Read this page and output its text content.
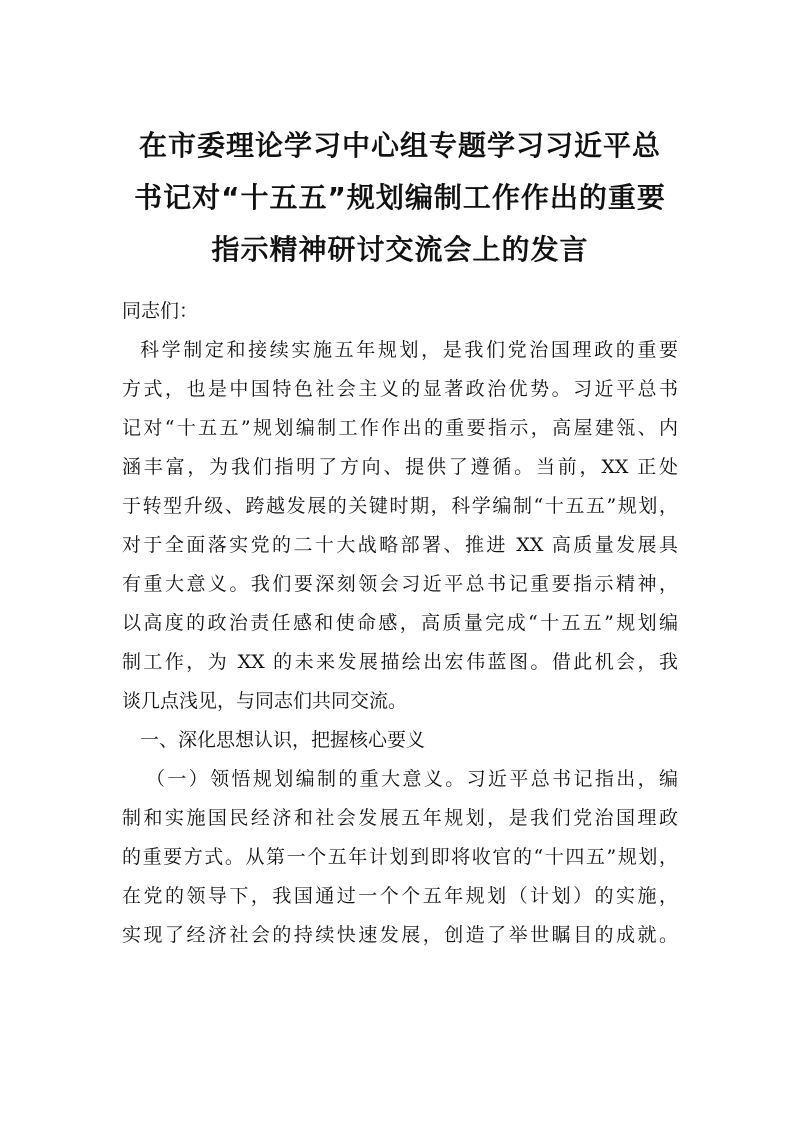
在市委理论学习中心组专题学习习近平总
书记对“十五五”规划编制工作作出的重要
指示精神研讨交流会上的发言
同志们：
科学制定和接续实施五年规划，是我们党治国理政的重要
方式，也是中国特色社会主义的显著政治优势。习近平总书
记对“十五五”规划编制工作作出的重要指示，高屋建瓴、内
涵丰富，为我们指明了方向、提供了遵循。当前，XX 正处
于转型升级、跨越发展的关键时期，科学编制“十五五”规划，
对于全面落实党的二十大战略部署、推进 XX 高质量发展具
有重大意义。我们要深刻领会习近平总书记重要指示精神，
以高度的政治责任感和使命感，高质量完成“十五五”规划编
制工作，为 XX 的未来发展描绘出宏伟蓝图。借此机会，我
谈几点浅见，与同志们共同交流。
一、深化思想认识，把握核心要义
（一）领悟规划编制的重大意义。习近平总书记指出，编
制和实施国民经济和社会发展五年规划，是我们党治国理政
的重要方式。从第一个五年计划到即将收官的“十四五”规划，
在党的领导下，我国通过一个个五年规划（计划）的实施，
实现了经济社会的持续快速发展，创造了举世瞩目的成就。
